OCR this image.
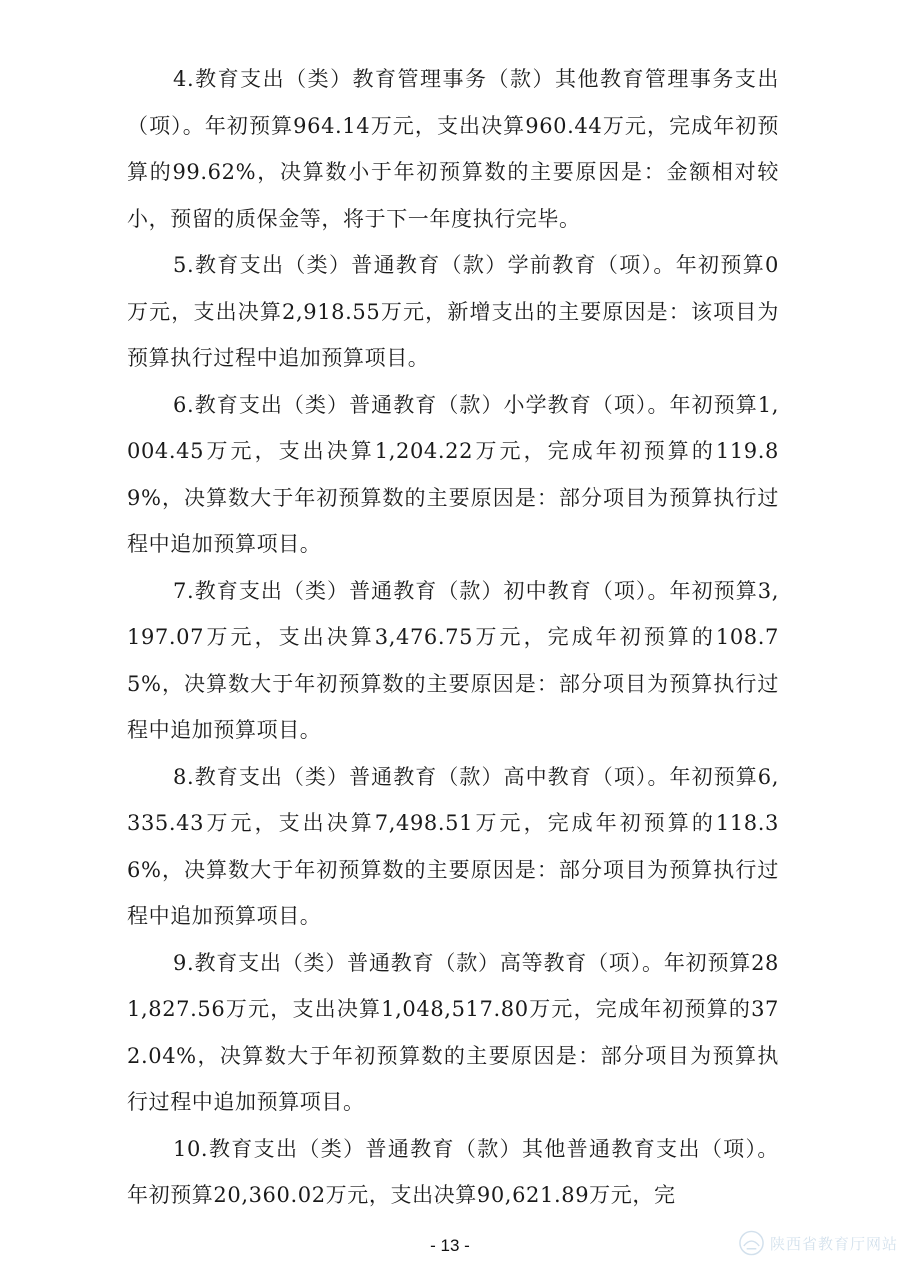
4.教育支出（类）教育管理事务（款）其他教育管理事务支出（项）。年初预算964.14万元，支出决算960.44万元，完成年初预算的99.62%，决算数小于年初预算数的主要原因是：金额相对较小，预留的质保金等，将于下一年度执行完毕。

5.教育支出（类）普通教育（款）学前教育（项）。年初预算0万元，支出决算2,918.55万元，新增支出的主要原因是：该项目为预算执行过程中追加预算项目。

6.教育支出（类）普通教育（款）小学教育（项）。年初预算1,004.45万元，支出决算1,204.22万元，完成年初预算的119.89%，决算数大于年初预算数的主要原因是：部分项目为预算执行过程中追加预算项目。

7.教育支出（类）普通教育（款）初中教育（项）。年初预算3,197.07万元，支出决算3,476.75万元，完成年初预算的108.75%，决算数大于年初预算数的主要原因是：部分项目为预算执行过程中追加预算项目。

8.教育支出（类）普通教育（款）高中教育（项）。年初预算6,335.43万元，支出决算7,498.51万元，完成年初预算的118.36%，决算数大于年初预算数的主要原因是：部分项目为预算执行过程中追加预算项目。

9.教育支出（类）普通教育（款）高等教育（项）。年初预算281,827.56万元，支出决算1,048,517.80万元，完成年初预算的372.04%，决算数大于年初预算数的主要原因是：部分项目为预算执行过程中追加预算项目。

10.教育支出（类）普通教育（款）其他普通教育支出（项）。年初预算20,360.02万元，支出决算90,621.89万元，完

- 13 -	陕西省教育厅网站
